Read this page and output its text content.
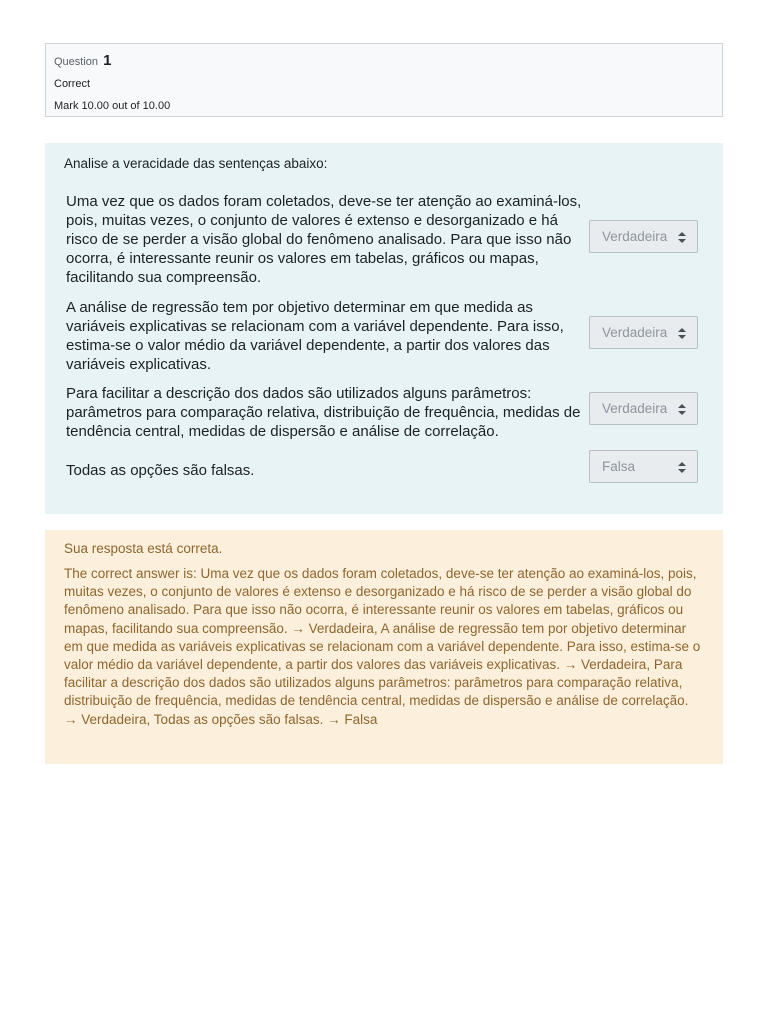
Question 1
Correct
Mark 10.00 out of 10.00
Analise a veracidade das sentenças abaixo:
Uma vez que os dados foram coletados, deve-se ter atenção ao examiná-los, pois, muitas vezes, o conjunto de valores é extenso e desorganizado e há risco de se perder a visão global do fenômeno analisado. Para que isso não ocorra, é interessante reunir os valores em tabelas, gráficos ou mapas, facilitando sua compreensão.
Verdadeira
A análise de regressão tem por objetivo determinar em que medida as variáveis explicativas se relacionam com a variável dependente. Para isso, estima-se o valor médio da variável dependente, a partir dos valores das variáveis explicativas.
Verdadeira
Para facilitar a descrição dos dados são utilizados alguns parâmetros: parâmetros para comparação relativa, distribuição de frequência, medidas de tendência central, medidas de dispersão e análise de correlação.
Verdadeira
Todas as opções são falsas.	Falsa
Sua resposta está correta.
The correct answer is: Uma vez que os dados foram coletados, deve-se ter atenção ao examiná-los, pois, muitas vezes, o conjunto de valores é extenso e desorganizado e há risco de se perder a visão global do fenômeno analisado. Para que isso não ocorra, é interessante reunir os valores em tabelas, gráficos ou mapas, facilitando sua compreensão. → Verdadeira, A análise de regressão tem por objetivo determinar em que medida as variáveis explicativas se relacionam com a variável dependente. Para isso, estima-se o valor médio da variável dependente, a partir dos valores das variáveis explicativas. → Verdadeira, Para facilitar a descrição dos dados são utilizados alguns parâmetros: parâmetros para comparação relativa, distribuição de frequência, medidas de tendência central, medidas de dispersão e análise de correlação. → Verdadeira, Todas as opções são falsas. → Falsa
